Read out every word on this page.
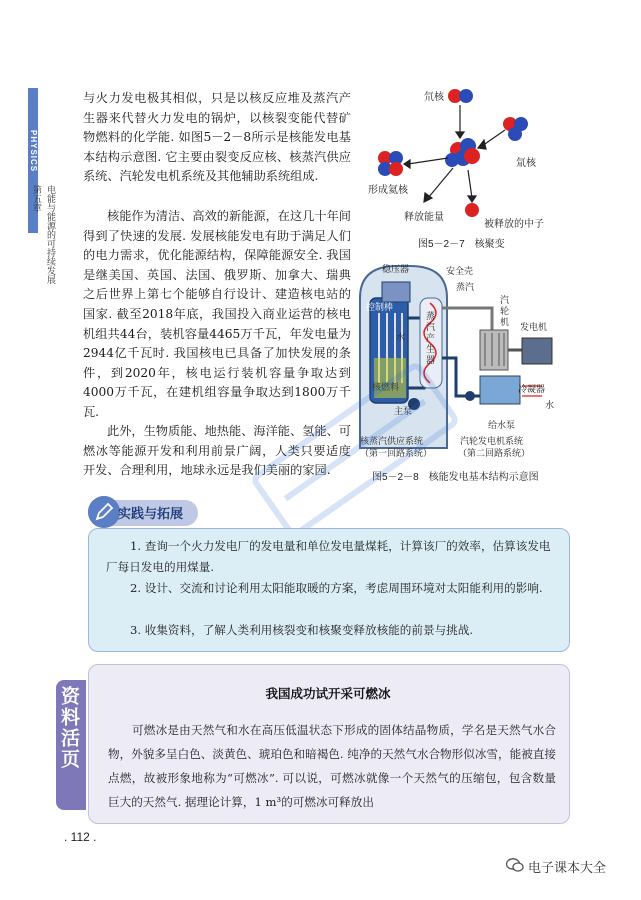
PHYSICS
第五章 电能与能源的可持续发展
与火力发电极其相似，只是以核反应堆及蒸汽产生器来代替火力发电的锅炉，以核裂变能代替矿物燃料的化学能. 如图5－2－8所示是核能发电基本结构示意图. 它主要由裂变反应核、核蒸汽供应系统、汽轮发电机系统及其他辅助系统组成.
核能作为清洁、高效的新能源，在这几十年间得到了快速的发展. 发展核能发电有助于满足人们的电力需求，优化能源结构，保障能源安全. 我国是继美国、英国、法国、俄罗斯、加拿大、瑞典之后世界上第七个能够自行设计、建造核电站的国家. 截至2018年底，我国投入商业运营的核电机组共44台，装机容量4465万千瓦，年发电量为2944亿千瓦时. 我国核电已具备了加快发展的条件，到2020年，核电运行装机容量争取达到4000万千瓦，在建机组容量争取达到1800万千瓦.
此外，生物质能、地热能、海洋能、氢能、可燃冰等能源开发和利用前景广阔，人类只要适度开发、合理利用，地球永远是我们美丽的家园.
氘核
氚核
形成氦核
释放能量
被释放的中子
图5－2－7　核聚变
稳压器	安全壳
蒸汽
控制棒
水
蒸汽产生器
汽轮机 发电机
核燃料
主泵
冷凝器
水
给水泵
核蒸汽供应系统
（第一回路系统）
汽轮发电机系统
（第二回路系统）
图5－2－8　核能发电基本结构示意图
实践与拓展
1. 查询一个火力发电厂的发电量和单位发电量煤耗，计算该厂的效率，估算该发电厂每日发电的用煤量.
2. 设计、交流和讨论利用太阳能取暖的方案，考虑周围环境对太阳能利用的影响.
3. 收集资料，了解人类利用核裂变和核聚变释放核能的前景与挑战.
资料活页	我国成功试开采可燃冰
可燃冰是由天然气和水在高压低温状态下形成的固体结晶物质，学名是天然气水合物，外貌多呈白色、淡黄色、琥珀色和暗褐色. 纯净的天然气水合物形似冰雪，能被直接点燃，故被形象地称为“可燃冰”. 可以说，可燃冰就像一个天然气的压缩包，包含数量巨大的天然气. 据理论计算，1 m³的可燃冰可释放出
. 112 .
电子课本大全
